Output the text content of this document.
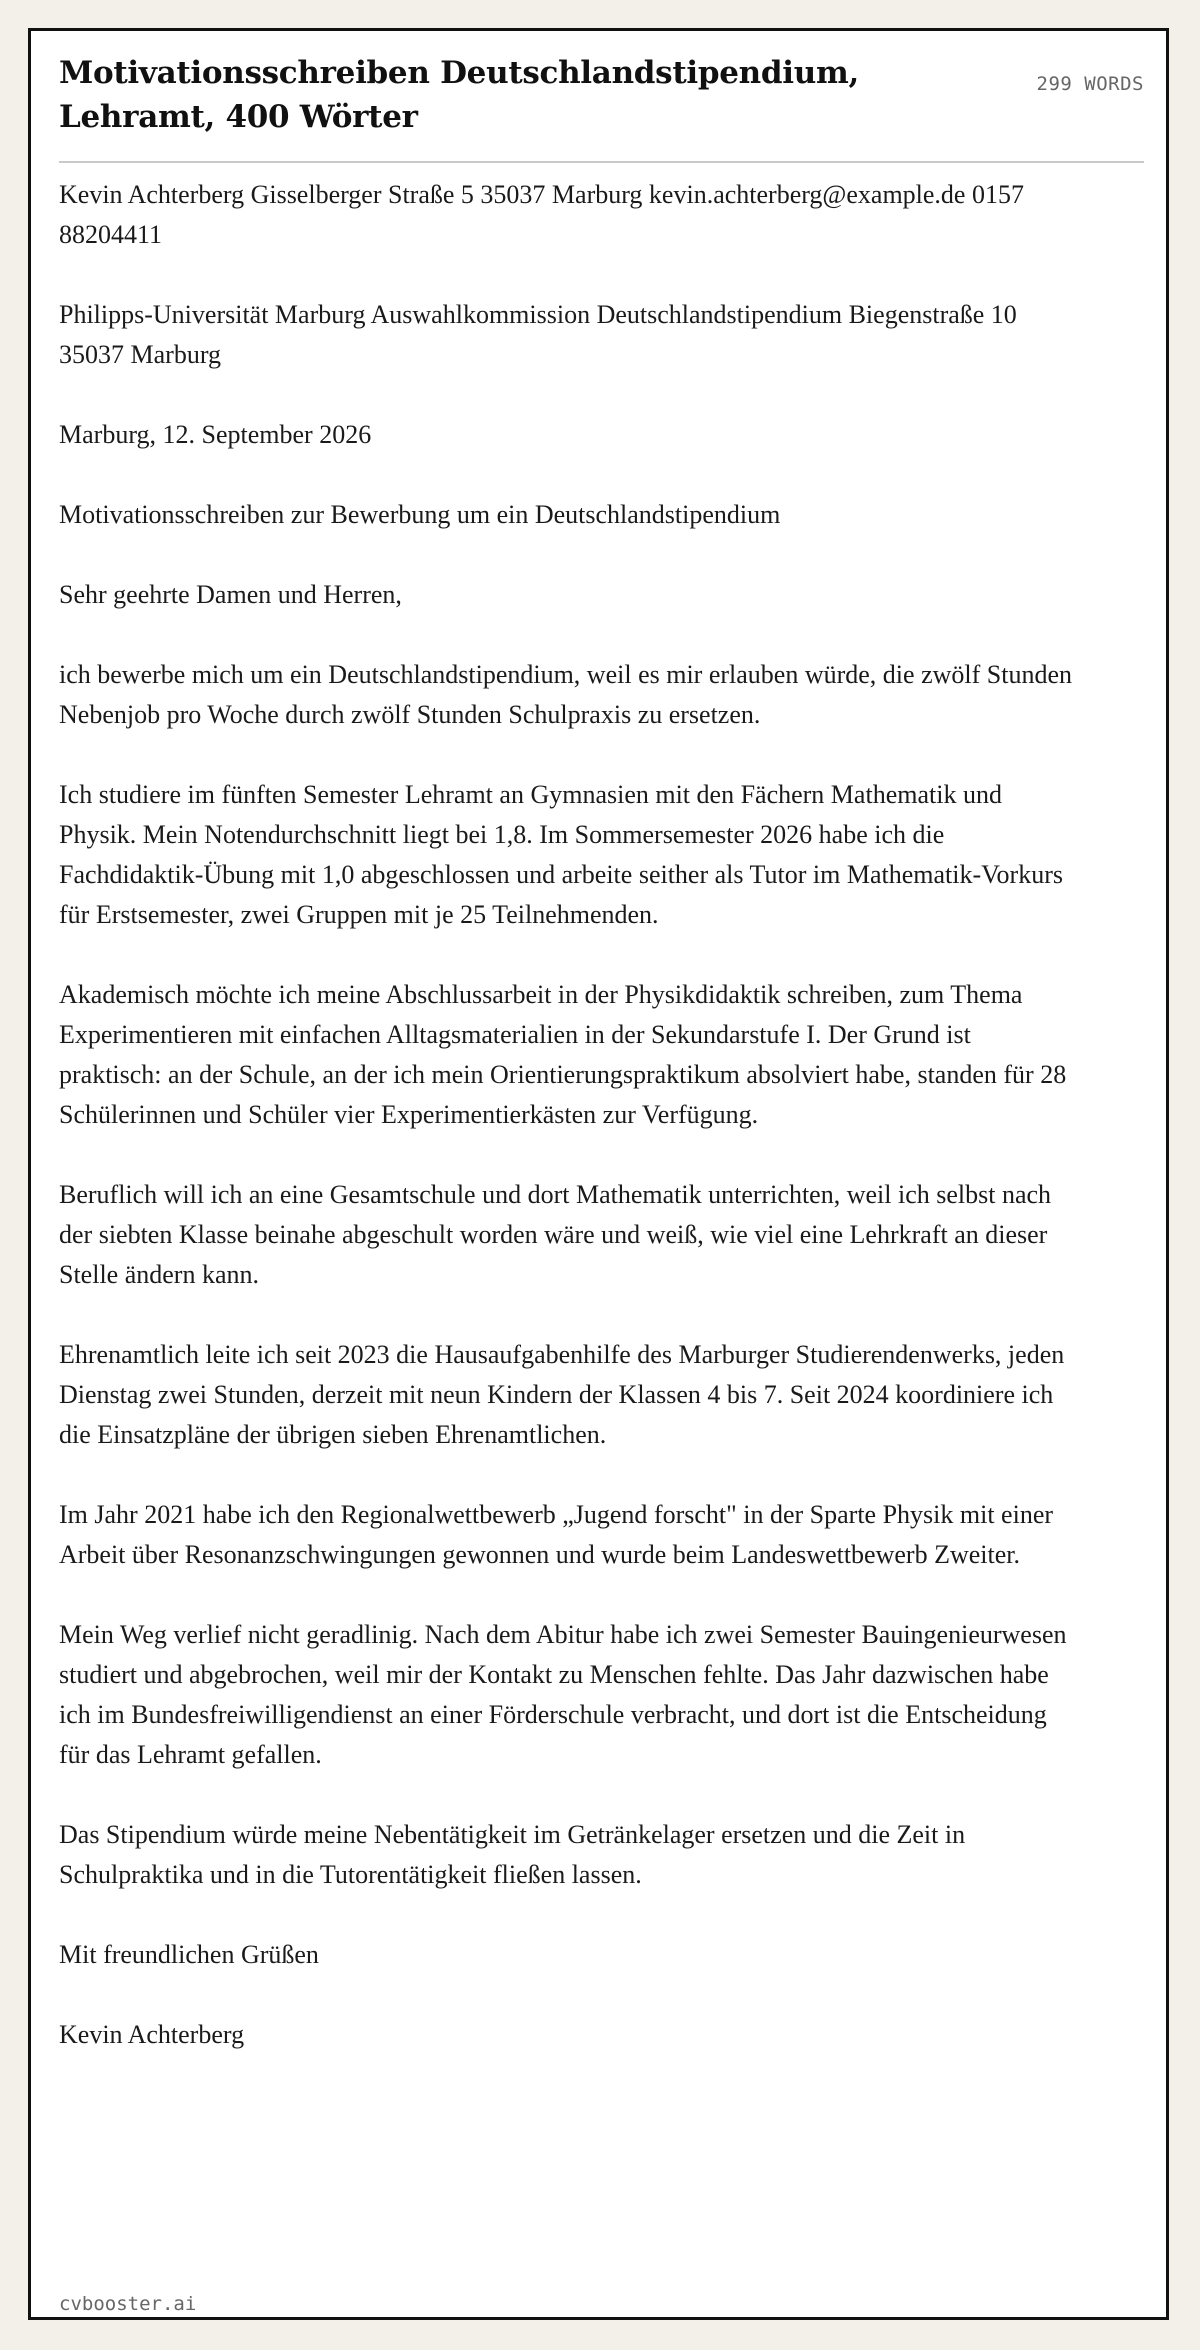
Motivationsschreiben Deutschlandstipendium, Lehramt, 400 Wörter
299 WORDS

Kevin Achterberg Gisselberger Straße 5 35037 Marburg kevin.achterberg@example.de 0157 88204411

Philipps-Universität Marburg Auswahlkommission Deutschlandstipendium Biegenstraße 10 35037 Marburg

Marburg, 12. September 2026

Motivationsschreiben zur Bewerbung um ein Deutschlandstipendium

Sehr geehrte Damen und Herren,

ich bewerbe mich um ein Deutschlandstipendium, weil es mir erlauben würde, die zwölf Stunden Nebenjob pro Woche durch zwölf Stunden Schulpraxis zu ersetzen.

Ich studiere im fünften Semester Lehramt an Gymnasien mit den Fächern Mathematik und Physik. Mein Notendurchschnitt liegt bei 1,8. Im Sommersemester 2026 habe ich die Fachdidaktik-Übung mit 1,0 abgeschlossen und arbeite seither als Tutor im Mathematik-Vorkurs für Erstsemester, zwei Gruppen mit je 25 Teilnehmenden.

Akademisch möchte ich meine Abschlussarbeit in der Physikdidaktik schreiben, zum Thema Experimentieren mit einfachen Alltagsmaterialien in der Sekundarstufe I. Der Grund ist praktisch: an der Schule, an der ich mein Orientierungspraktikum absolviert habe, standen für 28 Schülerinnen und Schüler vier Experimentierkästen zur Verfügung.

Beruflich will ich an eine Gesamtschule und dort Mathematik unterrichten, weil ich selbst nach der siebten Klasse beinahe abgeschult worden wäre und weiß, wie viel eine Lehrkraft an dieser Stelle ändern kann.

Ehrenamtlich leite ich seit 2023 die Hausaufgabenhilfe des Marburger Studierendenwerks, jeden Dienstag zwei Stunden, derzeit mit neun Kindern der Klassen 4 bis 7. Seit 2024 koordiniere ich die Einsatzpläne der übrigen sieben Ehrenamtlichen.

Im Jahr 2021 habe ich den Regionalwettbewerb „Jugend forscht" in der Sparte Physik mit einer Arbeit über Resonanzschwingungen gewonnen und wurde beim Landeswettbewerb Zweiter.

Mein Weg verlief nicht geradlinig. Nach dem Abitur habe ich zwei Semester Bauingenieurwesen studiert und abgebrochen, weil mir der Kontakt zu Menschen fehlte. Das Jahr dazwischen habe ich im Bundesfreiwilligendienst an einer Förderschule verbracht, und dort ist die Entscheidung für das Lehramt gefallen.

Das Stipendium würde meine Nebentätigkeit im Getränkelager ersetzen und die Zeit in Schulpraktika und in die Tutorentätigkeit fließen lassen.

Mit freundlichen Grüßen

Kevin Achterberg

cvbooster.ai
